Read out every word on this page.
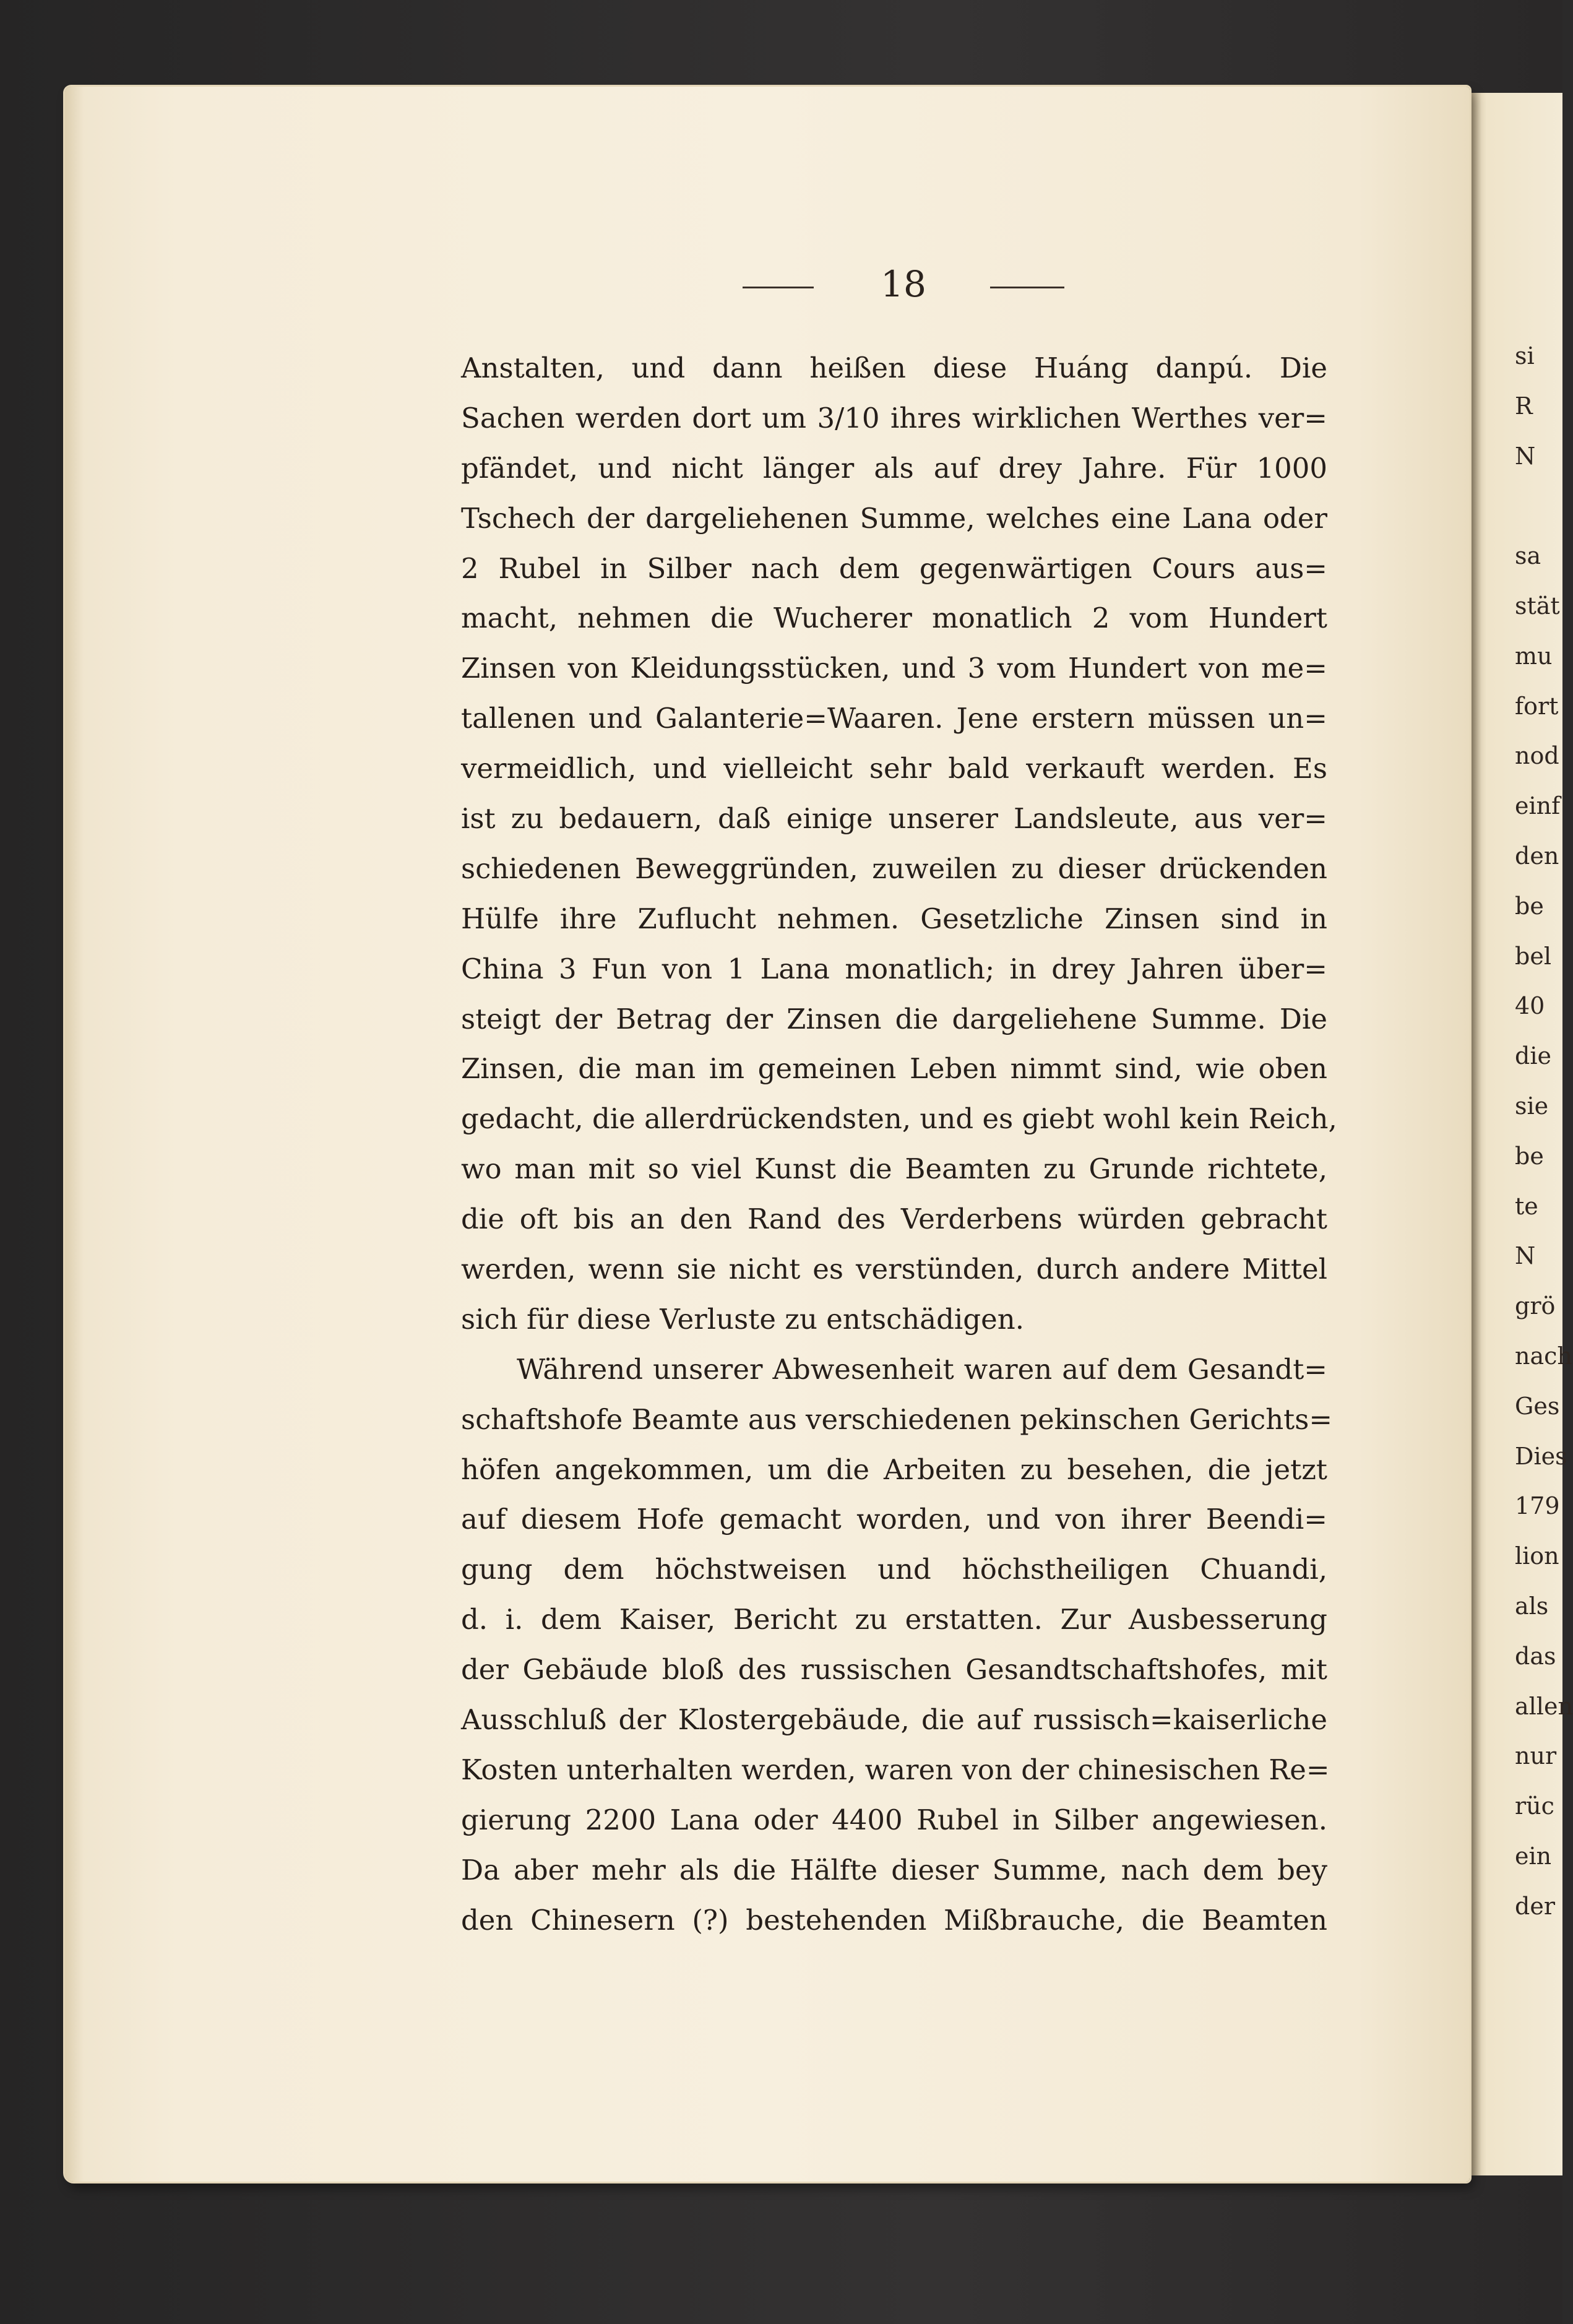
si
R
N
sa
stät
mu
fort
nod
einf
den
be
bel
40
die
sie
be
te
N
grö
nach
Ges
Dies
179
lion
als
das
allen
nur
rüc
ein
der
18
Anstalten, und dann heißen diese Huáng danpú. Die
Sachen werden dort um 3/10 ihres wirklichen Werthes ver=
pfändet, und nicht länger als auf drey Jahre. Für 1000
Tschech der dargeliehenen Summe, welches eine Lana oder
2 Rubel in Silber nach dem gegenwärtigen Cours aus=
macht, nehmen die Wucherer monatlich 2 vom Hundert
Zinsen von Kleidungsstücken, und 3 vom Hundert von me=
tallenen und Galanterie=Waaren. Jene erstern müssen un=
vermeidlich, und vielleicht sehr bald verkauft werden. Es
ist zu bedauern, daß einige unserer Landsleute, aus ver=
schiedenen Beweggründen, zuweilen zu dieser drückenden
Hülfe ihre Zuflucht nehmen. Gesetzliche Zinsen sind in
China 3 Fun von 1 Lana monatlich; in drey Jahren über=
steigt der Betrag der Zinsen die dargeliehene Summe. Die
Zinsen, die man im gemeinen Leben nimmt sind, wie oben
gedacht, die allerdrückendsten, und es giebt wohl kein Reich,
wo man mit so viel Kunst die Beamten zu Grunde richtete,
die oft bis an den Rand des Verderbens würden gebracht
werden, wenn sie nicht es verstünden, durch andere Mittel
sich für diese Verluste zu entschädigen.
Während unserer Abwesenheit waren auf dem Gesandt=
schaftshofe Beamte aus verschiedenen pekinschen Gerichts=
höfen angekommen, um die Arbeiten zu besehen, die jetzt
auf diesem Hofe gemacht worden, und von ihrer Beendi=
gung dem höchstweisen und höchstheiligen Chuandi,
d. i. dem Kaiser, Bericht zu erstatten. Zur Ausbesserung
der Gebäude bloß des russischen Gesandtschaftshofes, mit
Ausschluß der Klostergebäude, die auf russisch=kaiserliche
Kosten unterhalten werden, waren von der chinesischen Re=
gierung 2200 Lana oder 4400 Rubel in Silber angewiesen.
Da aber mehr als die Hälfte dieser Summe, nach dem bey
den Chinesern (?) bestehenden Mißbrauche, die Beamten
